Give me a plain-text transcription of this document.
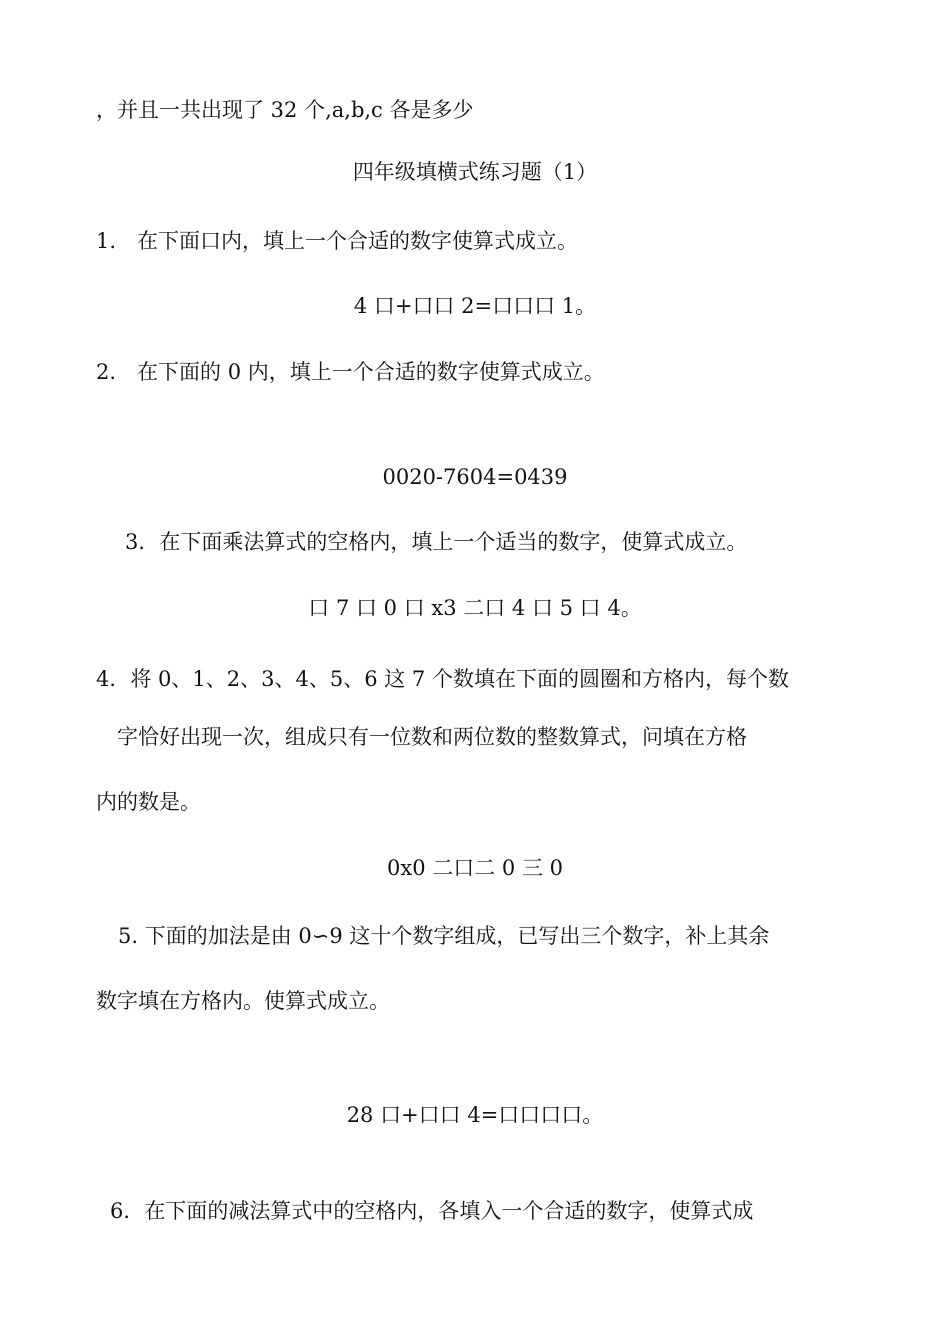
，并且一共出现了 32 个,a,b,c 各是多少

四年级填横式练习题（1）

1.　在下面口内，填上一个合适的数字使算式成立。

4 口+口口 2=口口口 1。

2.　在下面的 0 内，填上一个合适的数字使算式成立。

0020-7604=0439

3．在下面乘法算式的空格内，填上一个适当的数字，使算式成立。

口 7 口 0 口 x3 二口 4 口 5 口 4。

4．将 0、1、2、3、4、5、6 这 7 个数填在下面的圆圈和方格内，每个数

字恰好出现一次，组成只有一位数和两位数的整数算式，问填在方格

内的数是。

0x0 二口二 0 三 0

5. 下面的加法是由 0∽9 这十个数字组成，已写出三个数字，补上其余

数字填在方格内。使算式成立。

28 口+口口 4=口口口口。

6．在下面的减法算式中的空格内，各填入一个合适的数字，使算式成
